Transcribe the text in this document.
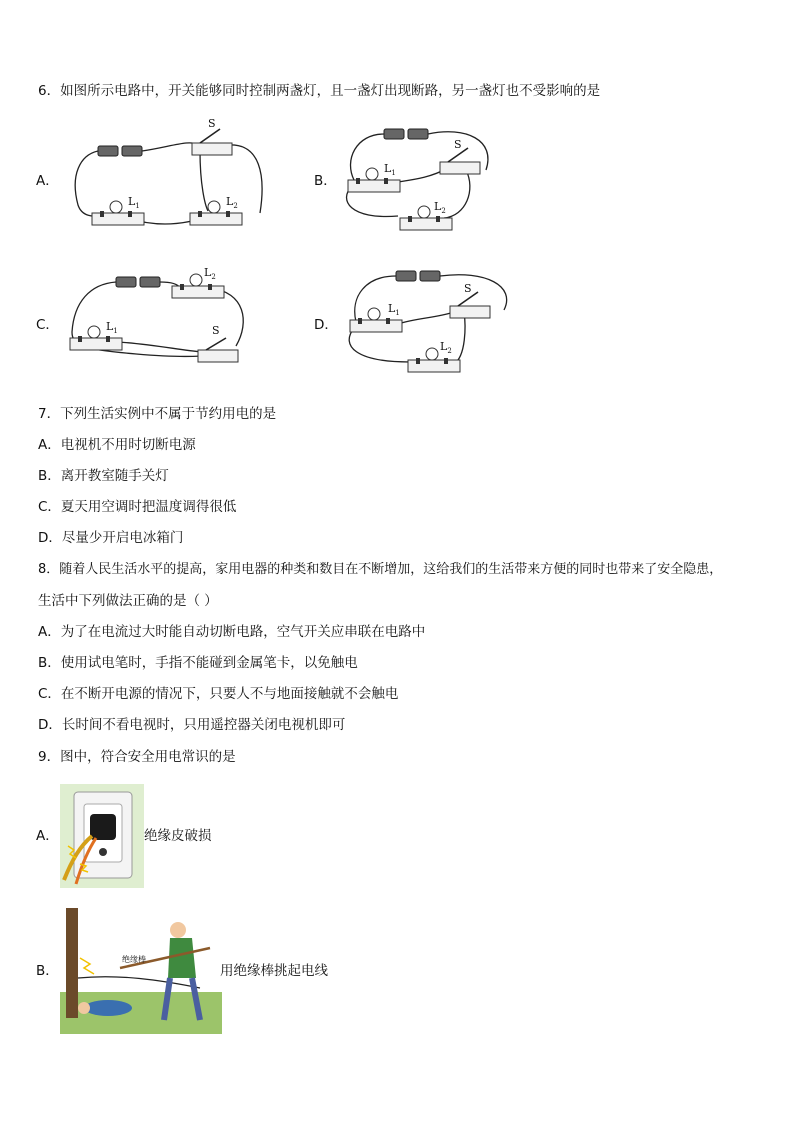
6．如图所示电路中，开关能够同时控制两盏灯，且一盏灯出现断路，另一盏灯也不受影响的是
A．
S
$L_1$	$L_2$
B．
S
$L_1$
$L_2$
C．
$L_2$
$L_1$	S	D．
S
$L_1$
$L_2$
7．下列生活实例中不属于节约用电的是
A．电视机不用时切断电源
B．离开教室随手关灯
C．夏天用空调时把温度调得很低
D．尽量少开启电冰箱门
8．随着人民生活水平的提高，家用电器的种类和数目在不断增加，这给我们的生活带来方便的同时也带来了安全隐患，
生活中下列做法正确的是（ ）
A．为了在电流过大时能自动切断电路，空气开关应串联在电路中
B．使用试电笔时，手指不能碰到金属笔卡，以免触电
C．在不断开电源的情况下，只要人不与地面接触就不会触电
D．长时间不看电视时，只用遥控器关闭电视机即可
9．图中，符合安全用电常识的是
A．	绝缘皮破损
B．
绝缘棒
用绝缘棒挑起电线
